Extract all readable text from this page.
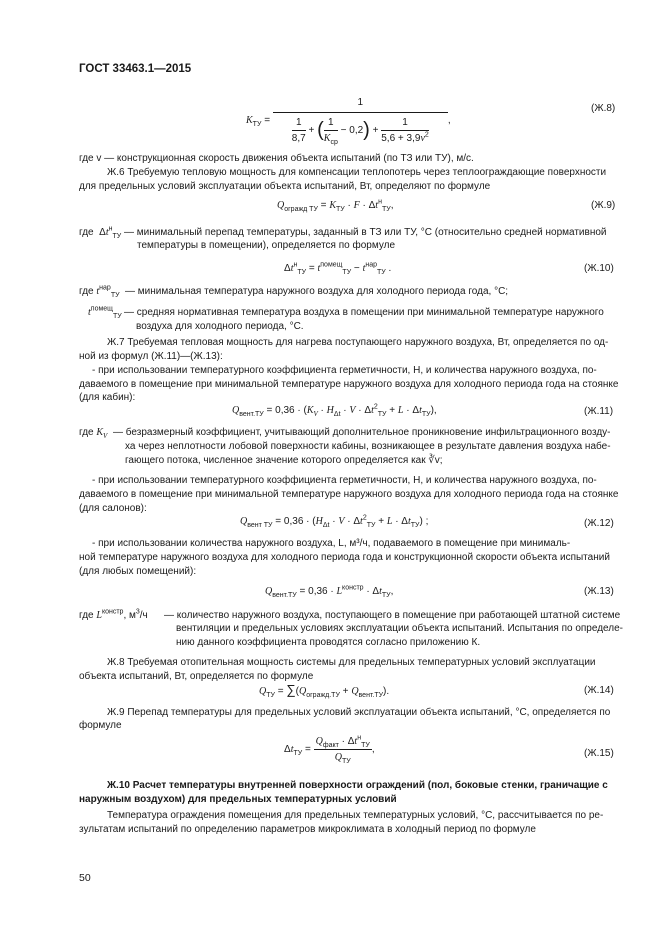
ГОСТ 33463.1—2015
$K_{ТУ} = \frac{1}{\frac{1}{8,7} + ( \frac{1}{K_{ср}} - 0,2) + \frac{1}{5,6 + 3,9v^2}}$ ,
(Ж.8)
где v — конструкционная скорость движения объекта испытаний (по ТЗ или ТУ), м/с.
Ж.6 Требуемую тепловую мощность для компенсации теплопотерь через теплоограждающие поверхности
для предельных условий эксплуатации объекта испытаний, Вт, определяют по формуле
$Q_{огражд ТУ} = K_{ТУ} \cdot F \cdot \Delta t^н_{ТУ}$,	(Ж.9)
где  $\Delta t^н_{ТУ}$ — минимальный перепад температуры, заданный в ТЗ или ТУ, °С (относительно средней нормативной
температуры в помещении), определяется по формуле
$\Delta t^н_{ТУ} = t^{помещ}_{ТУ} - t^{нар}_{ТУ}$ .	(Ж.10)
где $t^{нар}_{ТУ}$ — минимальная температура наружного воздуха для холодного периода года, °С;
$t^{помещ}_{ТУ}$ — средняя нормативная температура воздуха в помещении при минимальной температуре наружного
воздуха для холодного периода, °С.
Ж.7 Требуемая тепловая мощность для нагрева поступающего наружного воздуха, Вт, определяется по од-
ной из формул (Ж.11)—(Ж.13):
- при использовании температурного коэффициента герметичности, H, и количества наружного воздуха, по-
даваемого в помещение при минимальной температуре наружного воздуха для холодного периода года на стоянке
(для кабин):
$Q_{вент.ТУ} = 0,36 \cdot (K_V \cdot H_{\Delta t} \cdot V \cdot \Delta t^2_{ТУ} + L \cdot \Delta t_{ТУ})$,	(Ж.11)
где $K_V$ — безразмерный коэффициент, учитывающий дополнительное проникновение инфильтрационного возду-
ха через неплотности лобовой поверхности кабины, возникающее в результате давления воздуха набе-
гающего потока, численное значение которого определяется как ∛v;
- при использовании температурного коэффициента герметичности, H, и количества наружного воздуха, по-
даваемого в помещение при минимальной температуре наружного воздуха для холодного периода года на стоянке
(для салонов):
$Q_{вент ТУ} = 0,36 \cdot (H_{\Delta t} \cdot V \cdot \Delta t^2_{ТУ} + L \cdot \Delta t_{ТУ})$ ;	(Ж.12)
- при использовании количества наружного воздуха, L, м³/ч, подаваемого в помещение при минималь-
ной температуре наружного воздуха для холодного периода года и конструкционной скорости объекта испытаний
(для любых помещений):
$Q_{вент.ТУ} = 0,36 \cdot L^{констр} \cdot \Delta t_{ТУ}$,	(Ж.13)
где $L^{констр}$, $м^3/ч$ — количество наружного воздуха, поступающего в помещение при работающей штатной системе
вентиляции и предельных условиях эксплуатации объекта испытаний. Испытания по определе-
нию данного коэффициента проводятся согласно приложению К.
Ж.8 Требуемая отопительная мощность системы для предельных температурных условий эксплуатации
объекта испытаний, Вт, определяется по формуле
$Q_{ТУ} = \sum(Q_{огражд.ТУ} + Q_{вент.ТУ})$.	(Ж.14)
Ж.9 Перепад температуры для предельных условий эксплуатации объекта испытаний, °С, определяется по
формуле
$\Delta t_{ТУ} = \frac{Q_{факт} \cdot \Delta t^н_{ТУ}}{Q_{ТУ}}$ ,	(Ж.15)
Ж.10 Расчет температуры внутренней поверхности ограждений (пол, боковые стенки, граничащие с
наружным воздухом) для предельных температурных условий
Температура ограждения помещения для предельных температурных условий, °С, рассчитывается по ре-
зультатам испытаний по определению параметров микроклимата в холодный период по формуле
50
